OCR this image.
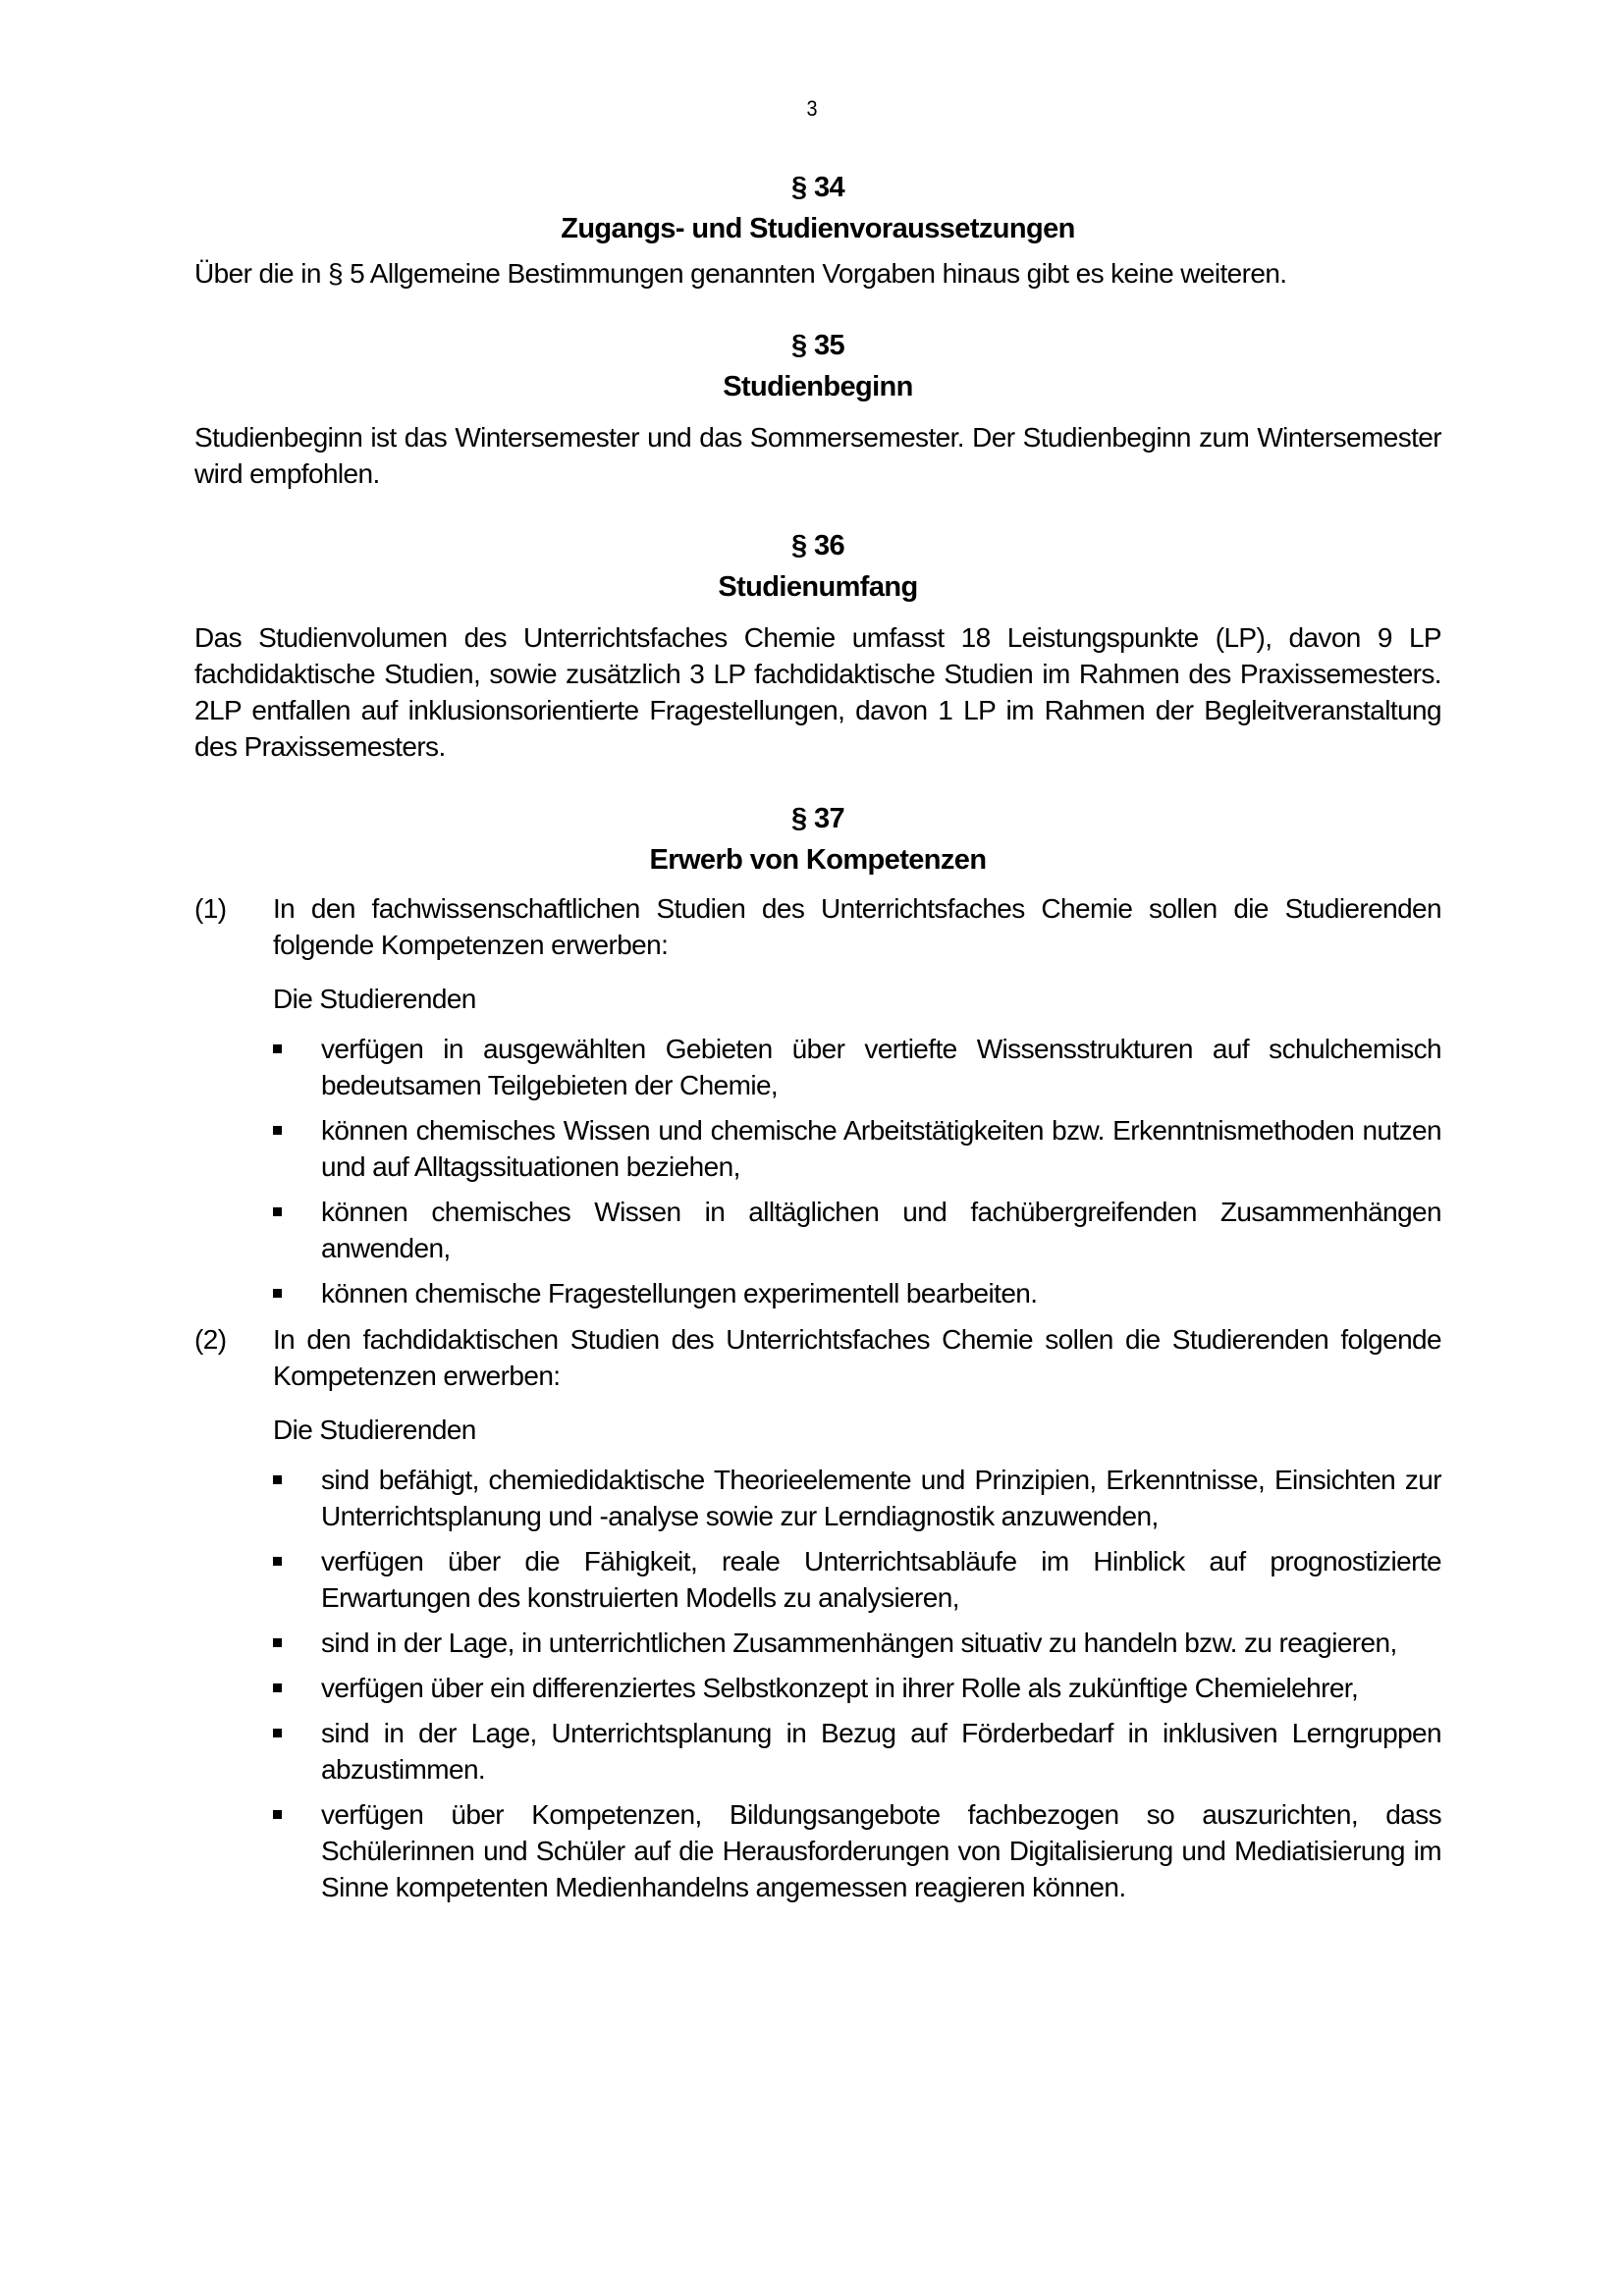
3
§ 34
Zugangs- und Studienvoraussetzungen

Über die in § 5 Allgemeine Bestimmungen genannten Vorgaben hinaus gibt es keine weiteren.

§ 35
Studienbeginn

Studienbeginn ist das Wintersemester und das Sommersemester. Der Studienbeginn zum Wintersemester wird empfohlen.

§ 36
Studienumfang

Das Studienvolumen des Unterrichtsfaches Chemie umfasst 18 Leistungspunkte (LP), davon 9 LP fachdidaktische Studien, sowie zusätzlich 3 LP fachdidaktische Studien im Rahmen des Praxissemesters. 2LP entfallen auf inklusionsorientierte Fragestellungen, davon 1 LP im Rahmen der Begleitveranstaltung des Praxissemesters.

§ 37
Erwerb von Kompetenzen
(1)	In den fachwissenschaftlichen Studien des Unterrichtsfaches Chemie sollen die Studierenden folgende Kompetenzen erwerben:
Die Studierenden
verfügen in ausgewählten Gebieten über vertiefte Wissensstrukturen auf schulchemisch bedeutsamen Teilgebieten der Chemie,
können chemisches Wissen und chemische Arbeitstätigkeiten bzw. Erkenntnismethoden nutzen und auf Alltagssituationen beziehen,
können chemisches Wissen in alltäglichen und fachübergreifenden Zusammenhängen anwenden,
können chemische Fragestellungen experimentell bearbeiten.
(2)	In den fachdidaktischen Studien des Unterrichtsfaches Chemie sollen die Studierenden folgende Kompetenzen erwerben:
Die Studierenden
sind befähigt, chemiedidaktische Theorieelemente und Prinzipien, Erkenntnisse, Einsichten zur Unterrichtsplanung und -analyse sowie zur Lerndiagnostik anzuwenden,
verfügen über die Fähigkeit, reale Unterrichtsabläufe im Hinblick auf prognostizierte Erwartungen des konstruierten Modells zu analysieren,
sind in der Lage, in unterrichtlichen Zusammenhängen situativ zu handeln bzw. zu reagieren,
verfügen über ein differenziertes Selbstkonzept in ihrer Rolle als zukünftige Chemielehrer,
sind in der Lage, Unterrichtsplanung in Bezug auf Förderbedarf in inklusiven Lerngruppen abzustimmen.
verfügen über Kompetenzen, Bildungsangebote fachbezogen so auszurichten, dass Schülerinnen und Schüler auf die Herausforderungen von Digitalisierung und Mediatisierung im Sinne kompetenten Medienhandelns angemessen reagieren können.
